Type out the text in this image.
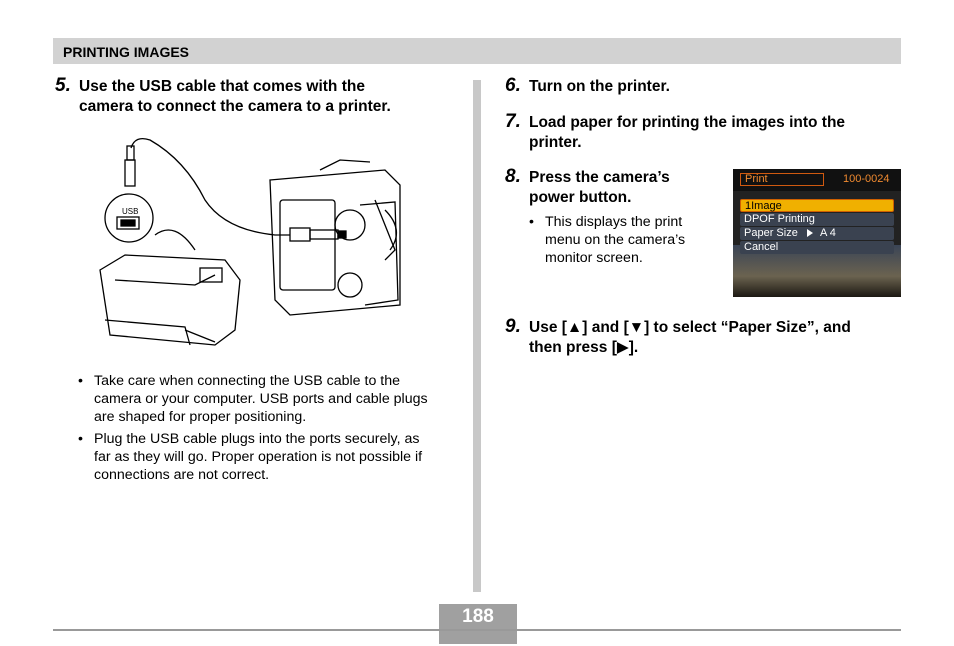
PRINTING IMAGES
5. Use the USB cable that comes with the
camera to connect the camera to a printer.
USB
• Take care when connecting the USB cable to the
camera or your computer. USB ports and cable plugs
are shaped for proper positioning.
• Plug the USB cable plugs into the ports securely, as
far as they will go. Proper operation is not possible if
connections are not correct.
6. Turn on the printer.
7. Load paper for printing the images into the
printer.
8. Press the camera’s
power button.
• This displays the print
menu on the camera’s
monitor screen.
Print	100-0024
1Image
DPOF Printing
Paper Size A 4
Cancel
9. Use [▲] and [▼] to select “Paper Size”, and
then press [▶].
188
